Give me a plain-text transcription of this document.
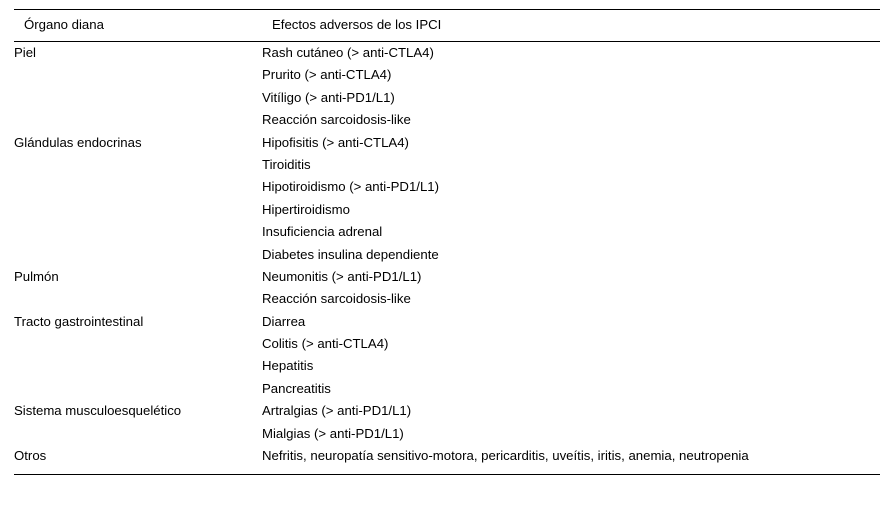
Órgano diana	Efectos adversos de los IPCI

Piel	Rash cutáneo (> anti-CTLA4)
Prurito (> anti-CTLA4)
Vitíligo (> anti-PD1/L1)
Reacción sarcoidosis-like

Glándulas endocrinas	Hipofisitis (> anti-CTLA4)
Tiroiditis
Hipotiroidismo (> anti-PD1/L1)
Hipertiroidismo
Insuficiencia adrenal
Diabetes insulina dependiente

Pulmón	Neumonitis (> anti-PD1/L1)
Reacción sarcoidosis-like

Tracto gastrointestinal	Diarrea
Colitis (> anti-CTLA4)
Hepatitis
Pancreatitis

Sistema musculoesquelético	Artralgias (> anti-PD1/L1)
Mialgias (> anti-PD1/L1)

Otros	Nefritis, neuropatía sensitivo-motora, pericarditis, uveítis, iritis, anemia, neutropenia
